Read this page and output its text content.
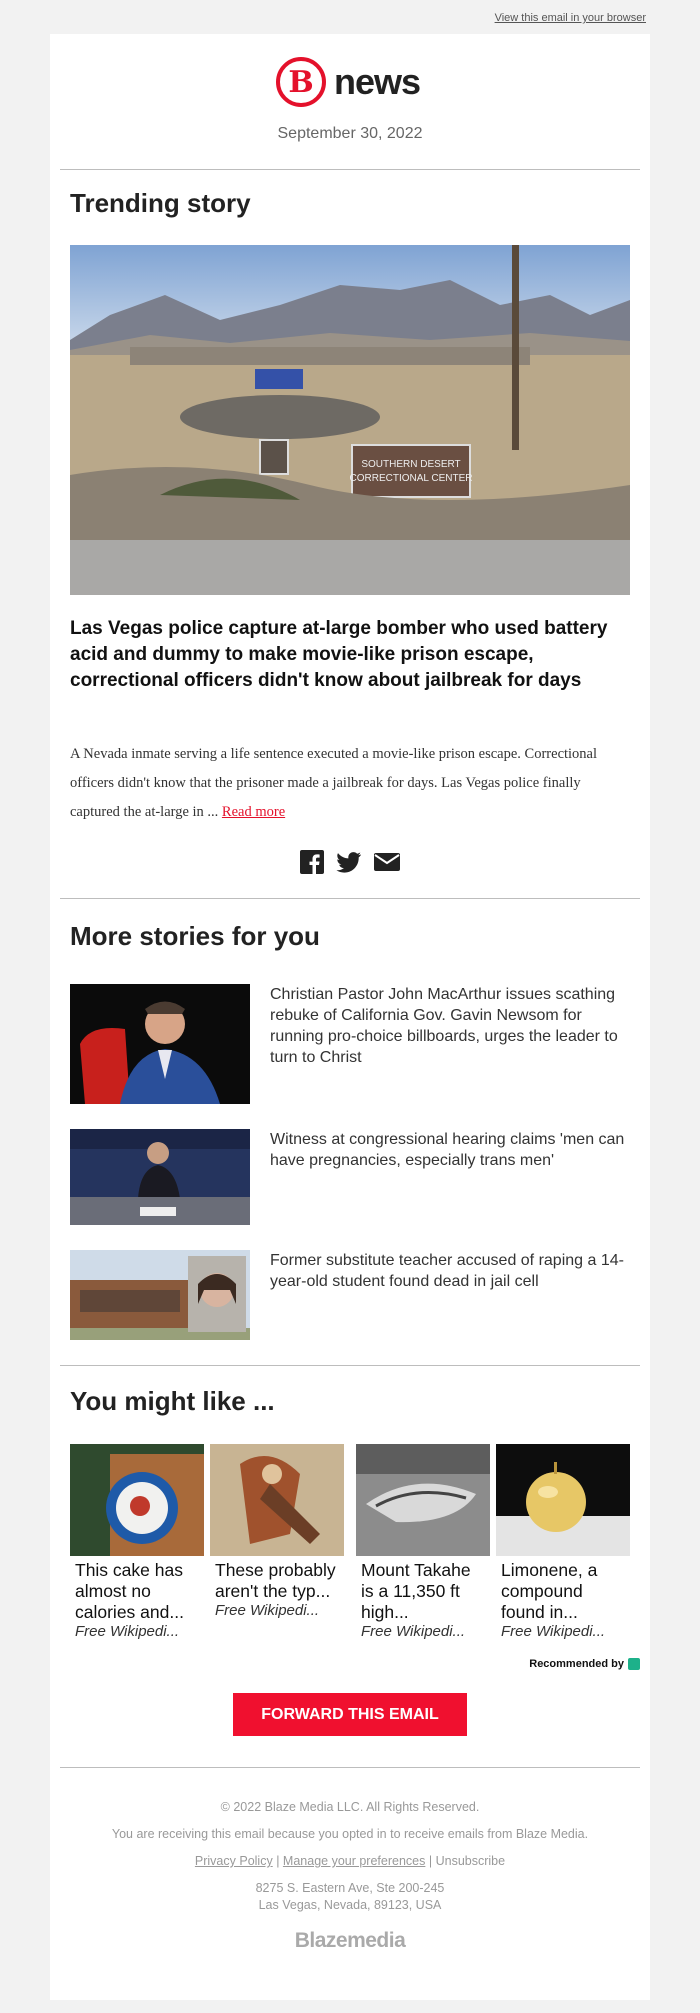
View this email in your browser
B news
September 30, 2022
Trending story
SOUTHERN DESERT
CORRECTIONAL CENTER
Las Vegas police capture at-large bomber who used battery acid and dummy to make movie-like prison escape, correctional officers didn't know about jailbreak for days
A Nevada inmate serving a life sentence executed a movie-like prison escape. Correctional officers didn't know that the prisoner made a jailbreak for days. Las Vegas police finally captured the at-large in ... Read more
More stories for you
Christian Pastor John MacArthur issues scathing rebuke of California Gov. Gavin Newsom for running pro-choice billboards, urges the leader to turn to Christ
Witness at congressional hearing claims 'men can have pregnancies, especially trans men'
Former substitute teacher accused of raping a 14-year-old student found dead in jail cell
You might like ...
This cake has almost no calories and...
Free Wikipedi...
These probably aren't the typ...
Free Wikipedi...
Mount Takahe is a 11,350 ft high...
Free Wikipedi...
Limonene, a compound found in...
Free Wikipedi...
Recommended by
FORWARD THIS EMAIL
© 2022 Blaze Media LLC. All Rights Reserved.
You are receiving this email because you opted in to receive emails from Blaze Media.
Privacy Policy | Manage your preferences | Unsubscribe
8275 S. Eastern Ave, Ste 200-245
Las Vegas, Nevada, 89123, USA
Blazemedia
